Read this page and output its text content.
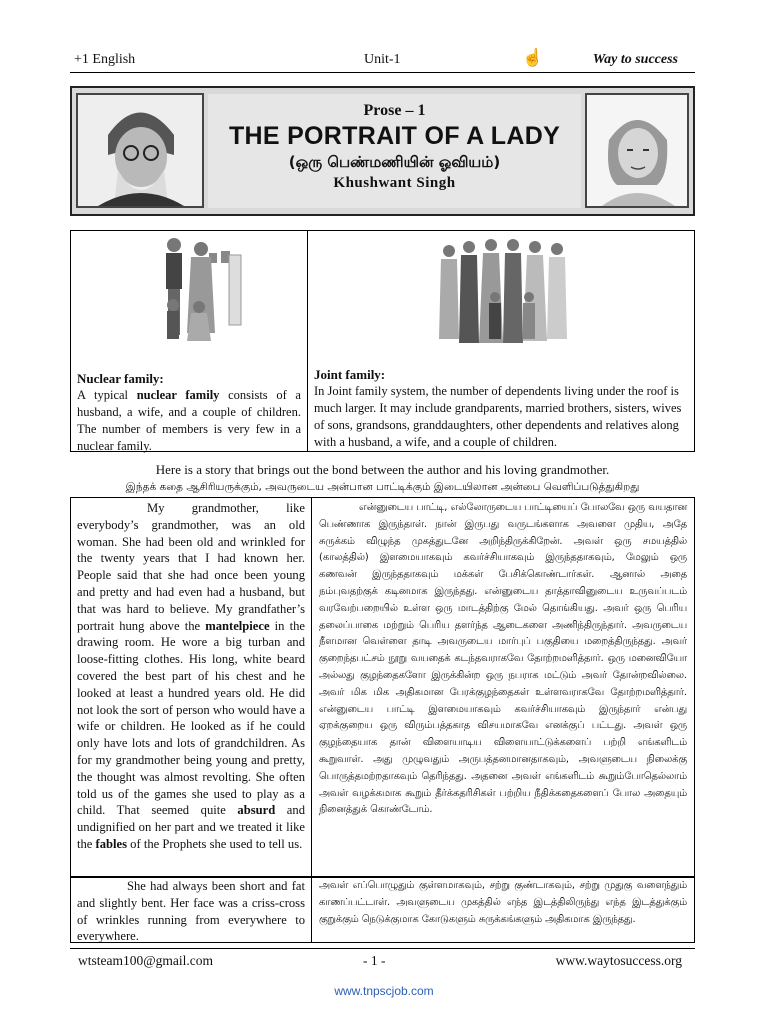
+1 English	Unit-1	☝	Way to success
Prose – 1
THE PORTRAIT OF A LADY
(ஒரு பெண்மணியின் ஓவியம்)
Khushwant Singh
Nuclear family:
A typical nuclear family consists of a husband, a wife, and a couple of children. The number of members is very few in a nuclear family.
Joint family:
In Joint family system, the number of dependents living under the roof is much larger. It may include grandparents, married brothers, sisters, wives of sons, grandsons, granddaughters, other dependents and relatives along with a husband, a wife, and a couple of children.
Here is a story that brings out the bond between the author and his loving grandmother.
இந்தக் கதை ஆசிரியருக்கும், அவருடைய அன்பான பாட்டிக்கும் இடையிலான அன்பை வெளிப்படுத்துகிறது
My grandmother, like everybody’s grandmother, was an old woman. She had been old and wrinkled for the twenty years that I had known her. People said that she had once been young and pretty and had even had a husband, but that was hard to believe. My grandfather’s portrait hung above the mantelpiece in the drawing room. He wore a big turban and loose-fitting clothes. His long, white beard covered the best part of his chest and he looked at least a hundred years old. He did not look the sort of person who would have a wife or children. He looked as if he could only have lots and lots of grandchildren. As for my grandmother being young and pretty, the thought was almost revolting. She often told us of the games she used to play as a child. That seemed quite absurd and undignified on her part and we treated it like the fables of the Prophets she used to tell us.
என்னுடைய பாட்டி, எல்லோருடைய பாட்டியைப் போலவே ஒரு வயதான பெண்ணாக இருந்தாள். நான் இருபது வருடங்களாக அவளை முதிய, அதே சுருக்கம் விழுந்த முகத்துடனே அறிந்திருக்கிறேன். அவள் ஒரு சமயத்தில் (காலத்தில்) இளமையாகவும் கவர்ச்சியாகவும் இருந்ததாகவும், மேலும் ஒரு கணவன் இருந்ததாகவும் மக்கள் பேசிக்கொண்டார்கள். ஆனால் அதை நம்புவதற்குக் கடினமாக இருந்தது. என்னுடைய தாத்தாவினுடைய உருவப்படம் வரவேற்பறையில் உள்ள ஒரு மாடத்திற்கு மேல் தொங்கியது. அவர் ஒரு பெரிய தலைப்பாகை மற்றும் பெரிய தளர்ந்த ஆடைகளை அணிந்திருந்தார். அவருடைய நீளமான வெள்ளை தாடி அவருடைய மார்புப் பகுதியை மறைத்திருந்தது. அவர் குறைந்தபட்சம் நூறு வயதைக் கடந்தவராகவே தோற்றமளித்தார். ஒரு மனைவியோ அல்லது குழந்தைகளோ இருக்கின்ற ஒரு நபராக மட்டும் அவர் தோன்றவில்லை. அவர் மிக மிக அதிகமான பேரக்குழந்தைகள் உள்ளவராகவே தோற்றமளித்தார். என்னுடைய பாட்டி இளமையாகவும் கவர்ச்சியாகவும் இருந்தார் என்பது ஏறக்குறைய ஒரு விரும்பத்தகாத விசயமாகவே எனக்குப் பட்டது. அவள் ஒரு குழந்தையாக தான் விளையாடிய விளையாட்டுக்களைப் பற்றி எங்களிடம் கூறுவாள். அது முழுவதும் அருபத்தனமானதாகவும், அவளுடைய நிலைக்கு பொருத்தமற்றதாகவும் தெரிந்தது. அதனை அவள் எங்களிடம் கூறும்போதெல்லாம் அவள் வழக்கமாக கூறும் தீர்க்கதரிசிகள் பற்றிய நீதிக்கதைகளைப் போல அதையும் நினைத்துக் கொண்டோம்.
She had always been short and fat and slightly bent. Her face was a criss-cross of wrinkles running from everywhere to everywhere.
அவள் எப்பொழுதும் குள்ளமாகவும், சற்று குண்டாகவும், சற்று முதுகு வளைந்தும் காணப்பட்டாள். அவளுடைய முகத்தில் எந்த இடத்திலிருந்து எந்த இடத்துக்கும் குறுக்கும் நெடுக்குமாக கோடுகளும் சுருக்கங்களும் அதிகமாக இருந்தது.
wtsteam100@gmail.com	- 1 -	www.waytosuccess.org
www.tnpscjob.com
